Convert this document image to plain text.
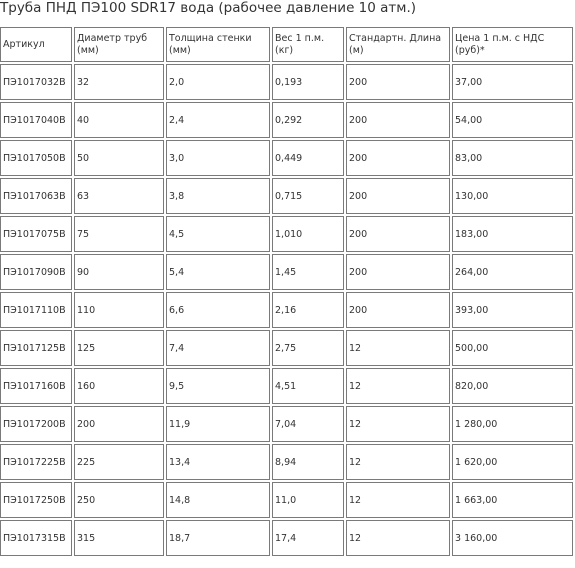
Труба ПНД ПЭ100 SDR17 вода (рабочее давление 10 атм.)
Артикул	Диаметр труб (мм)	Толщина стенки (мм)	Вес 1 п.м. (кг)	Стандартн. Длина (м)	Цена 1 п.м. с НДС (руб)*
ПЭ1017032В	32	2,0	0,193	200	37,00
ПЭ1017040В	40	2,4	0,292	200	54,00
ПЭ1017050В	50	3,0	0,449	200	83,00
ПЭ1017063В	63	3,8	0,715	200	130,00
ПЭ1017075В	75	4,5	1,010	200	183,00
ПЭ1017090В	90	5,4	1,45	200	264,00
ПЭ1017110В	110	6,6	2,16	200	393,00
ПЭ1017125В	125	7,4	2,75	12	500,00
ПЭ1017160В	160	9,5	4,51	12	820,00
ПЭ1017200В	200	11,9	7,04	12	1 280,00
ПЭ1017225В	225	13,4	8,94	12	1 620,00
ПЭ1017250В	250	14,8	11,0	12	1 663,00
ПЭ1017315В	315	18,7	17,4	12	3 160,00
